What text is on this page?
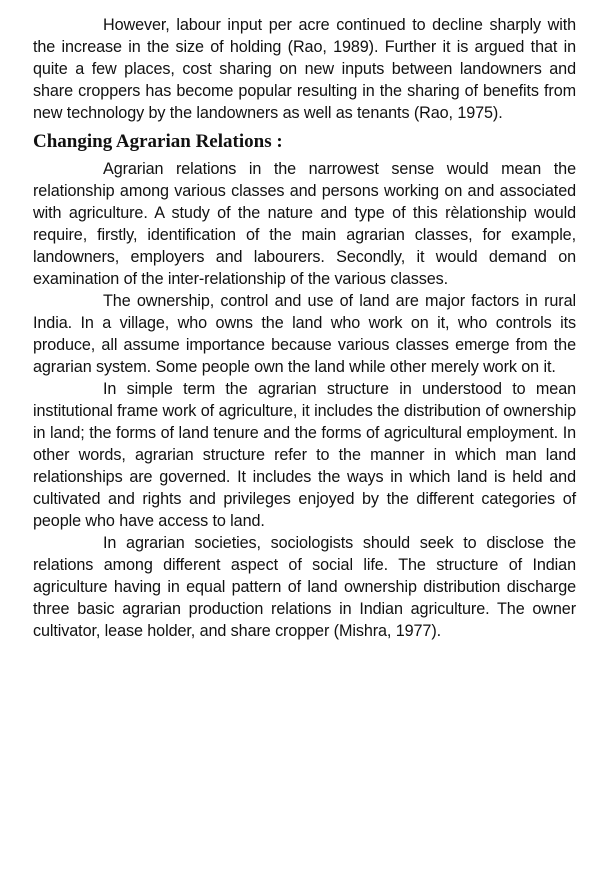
However, labour input per acre continued to decline sharply with the increase in the size of holding (Rao, 1989). Further it is argued that in quite a few places, cost sharing on new inputs between landowners and share croppers has become popular resulting in the sharing of benefits from new technology by the landowners as well as tenants (Rao, 1975).

Changing Agrarian Relations :

Agrarian relations in the narrowest sense would mean the relationship among various classes and persons working on and associated with agriculture. A study of the nature and type of this rèlationship would require, firstly, identification of the main agrarian classes, for example, landowners, employers and labourers. Secondly, it would demand on examination of the inter-relationship of the various classes.

The ownership, control and use of land are major factors in rural India. In a village, who owns the land who work on it, who controls its produce, all assume importance because various classes emerge from the agrarian system. Some people own the land while other merely work on it.

In simple term the agrarian structure in understood to mean institutional frame work of agriculture, it includes the distribution of ownership in land; the forms of land tenure and the forms of agricultural employment. In other words, agrarian structure refer to the manner in which man land relationships are governed. It includes the ways in which land is held and cultivated and rights and privileges enjoyed by the different categories of people who have access to land.

In agrarian societies, sociologists should seek to disclose the relations among different aspect of social life. The structure of Indian agriculture having in equal pattern of land ownership distribution discharge three basic agrarian production relations in Indian agriculture. The owner cultivator, lease holder, and share cropper (Mishra, 1977).
